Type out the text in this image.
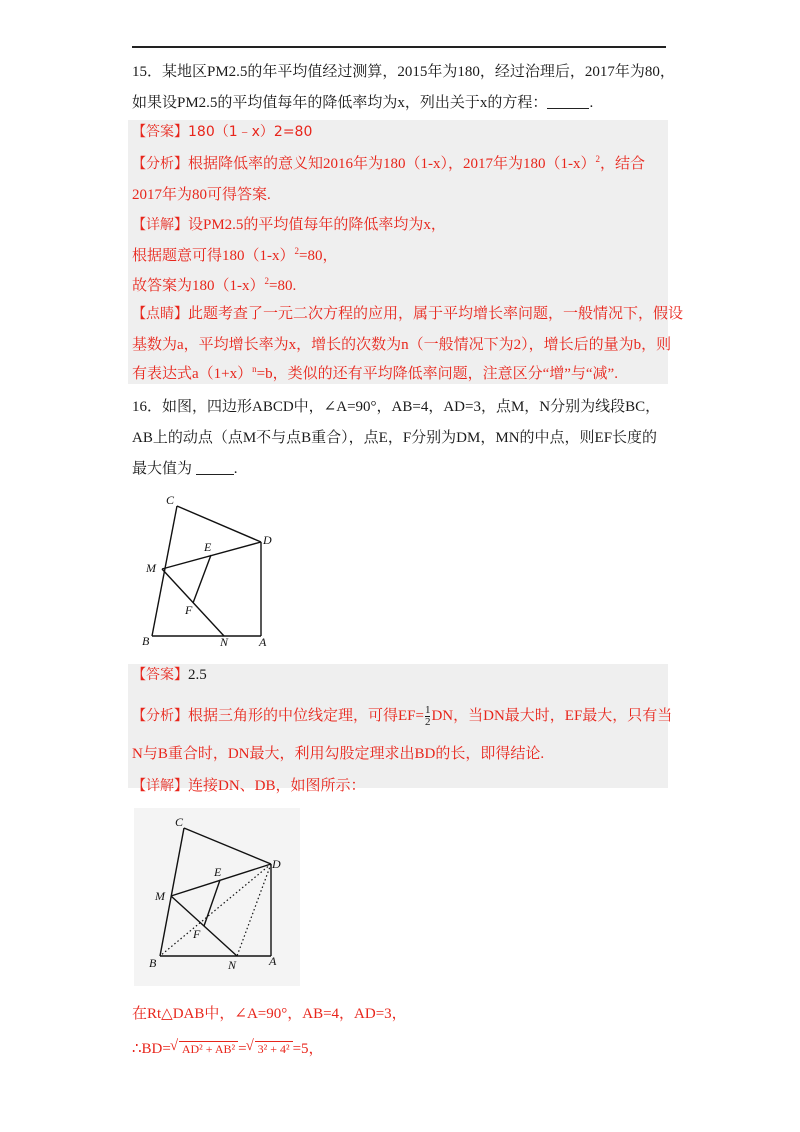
15．某地区PM2.5的年平均值经过测算，2015年为180，经过治理后，2017年为80，
如果设PM2.5的平均值每年的降低率均为x，列出关于x的方程：	.
【答案】180（1﹣x）2=80
【分析】根据降低率的意义知2016年为180（1-x），2017年为$180(1-x)^2$，结合
2017年为80可得答案.
【详解】设PM2.5的平均值每年的降低率均为x，
根据题意可得$180(1-x)^2=80$，
故答案为$180(1-x)^2=80$.
【点睛】此题考查了一元二次方程的应用，属于平均增长率问题，一般情况下，假设
基数为a，平均增长率为x，增长的次数为n（一般情况下为2），增长后的量为b，则
有表达式$a(1+x)^n=b$，类似的还有平均降低率问题，注意区分“增”与“减”.
16．如图，四边形ABCD中，∠A=90°，AB=4，AD=3，点M，N分别为线段BC，
AB上的动点（点M不与点B重合），点E，F分别为DM，MN的中点，则EF长度的
最大值为	.
C
D
E
M
F
B	N	A
【答案】2.5
【分析】根据三角形的中位线定理，可得$EF=\frac{1}{2}$ DN，当DN最大时，EF最大，只有当
N与B重合时，DN最大，利用勾股定理求出BD的长，即得结论.
【详解】连接DN、DB，如图所示：
C
D
E
M
F
B	N	A
在Rt△DAB中，∠A=90°，AB=4，AD=3，
∴BD= √ AD² + AB² = √ 3² + 4² =5，
